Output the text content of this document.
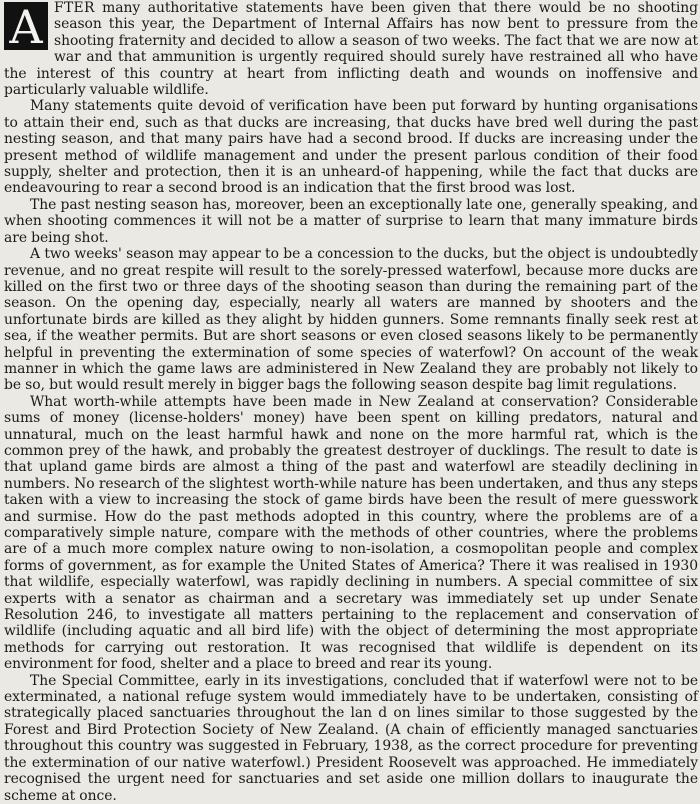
A FTER many authoritative statements have been given that there would be no shooting season this year, the Department of Internal Affairs has now bent to pressure from the shooting fraternity and decided to allow a season of two weeks. The fact that we are now at war and that ammunition is urgently required should surely have restrained all who have the interest of this country at heart from inflicting death and wounds on inoffensive and particularly valuable wildlife.

Many statements quite devoid of verification have been put forward by hunting organisations to attain their end, such as that ducks are increasing, that ducks have bred well during the past nesting season, and that many pairs have had a second brood. If ducks are increasing under the present method of wildlife management and under the present parlous condition of their food supply, shelter and protection, then it is an unheard-of happening, while the fact that ducks are endeavouring to rear a second brood is an indication that the first brood was lost.

The past nesting season has, moreover, been an exceptionally late one, generally speaking, and when shooting commences it will not be a matter of surprise to learn that many immature birds are being shot.

A two weeks' season may appear to be a concession to the ducks, but the object is undoubtedly revenue, and no great respite will result to the sorely-pressed waterfowl, because more ducks are killed on the first two or three days of the shooting season than during the remaining part of the season. On the opening day, especially, nearly all waters are manned by shooters and the unfortunate birds are killed as they alight by hidden gunners. Some remnants finally seek rest at sea, if the weather permits. But are short seasons or even closed seasons likely to be permanently helpful in preventing the extermination of some species of waterfowl? On account of the weak manner in which the game laws are administered in New Zealand they are probably not likely to be so, but would result merely in bigger bags the following season despite bag limit regulations.

What worth-while attempts have been made in New Zealand at conservation? Considerable sums of money (license-holders' money) have been spent on killing predators, natural and unnatural, much on the least harmful hawk and none on the more harmful rat, which is the common prey of the hawk, and probably the greatest destroyer of ducklings. The result to date is that upland game birds are almost a thing of the past and waterfowl are steadily declining in numbers. No research of the slightest worth-while nature has been undertaken, and thus any steps taken with a view to increasing the stock of game birds have been the result of mere guesswork and surmise. How do the past methods adopted in this country, where the problems are of a comparatively simple nature, compare with the methods of other countries, where the problems are of a much more complex nature owing to non-isolation, a cosmopolitan people and complex forms of government, as for example the United States of America? There it was realised in 1930 that wildlife, especially waterfowl, was rapidly declining in numbers. A special committee of six experts with a senator as chairman and a secretary was immediately set up under Senate Resolution 246, to investigate all matters pertaining to the replacement and conservation of wildlife (including aquatic and all bird life) with the object of determining the most appropriate methods for carrying out restoration. It was recognised that wildlife is dependent on its environment for food, shelter and a place to breed and rear its young.

The Special Committee, early in its investigations, concluded that if waterfowl were not to be exterminated, a national refuge system would immediately have to be undertaken, consisting of strategically placed sanctuaries throughout the lan d on lines similar to those suggested by the Forest and Bird Protection Society of New Zealand. (A chain of efficiently managed sanctuaries throughout this country was suggested in February, 1938, as the correct procedure for preventing the extermination of our native waterfowl.) President Roosevelt was approached. He immediately recognised the urgent need for sanctuaries and set aside one million dollars to inaugurate the scheme at once.
